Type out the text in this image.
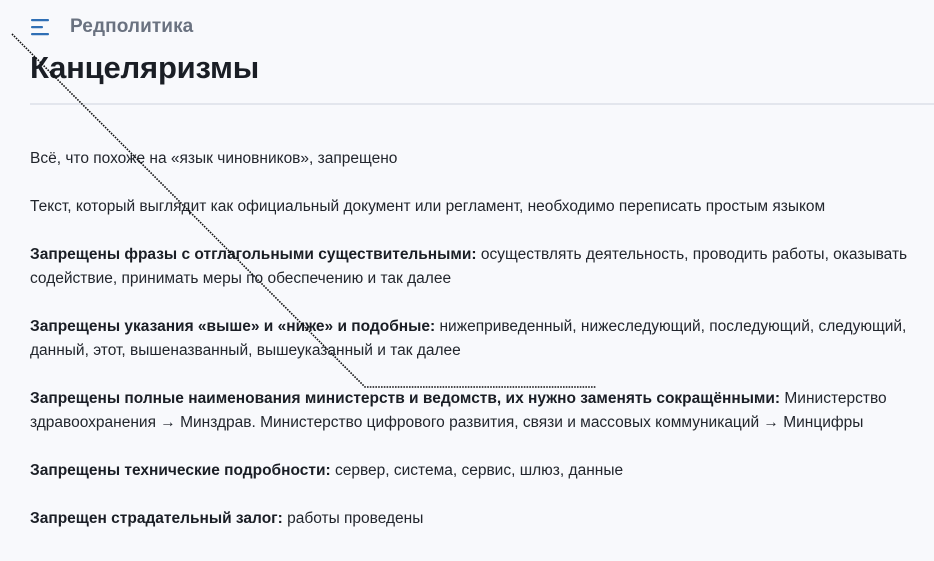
Редполитика
Канцеляризмы

Всё, что похоже на «язык чиновников», запрещено

Текст, который выглядит как официальный документ или регламент, необходимо переписать простым языком

Запрещены фразы с отглагольными существительными: осуществлять деятельность, проводить работы, оказывать содействие, принимать меры по обеспечению и так далее

Запрещены указания «выше» и «ниже» и подобные: нижеприведенный, нижеследующий, последующий, следующий, данный, этот, вышеназванный, вышеуказанный и так далее

Запрещены полные наименования министерств и ведомств, их нужно заменять сокращёнными: Министерство здравоохранения → Минздрав. Министерство цифрового развития, связи и массовых коммуникаций → Минцифры

Запрещены технические подробности: сервер, система, сервис, шлюз, данные

Запрещен страдательный залог: работы проведены
